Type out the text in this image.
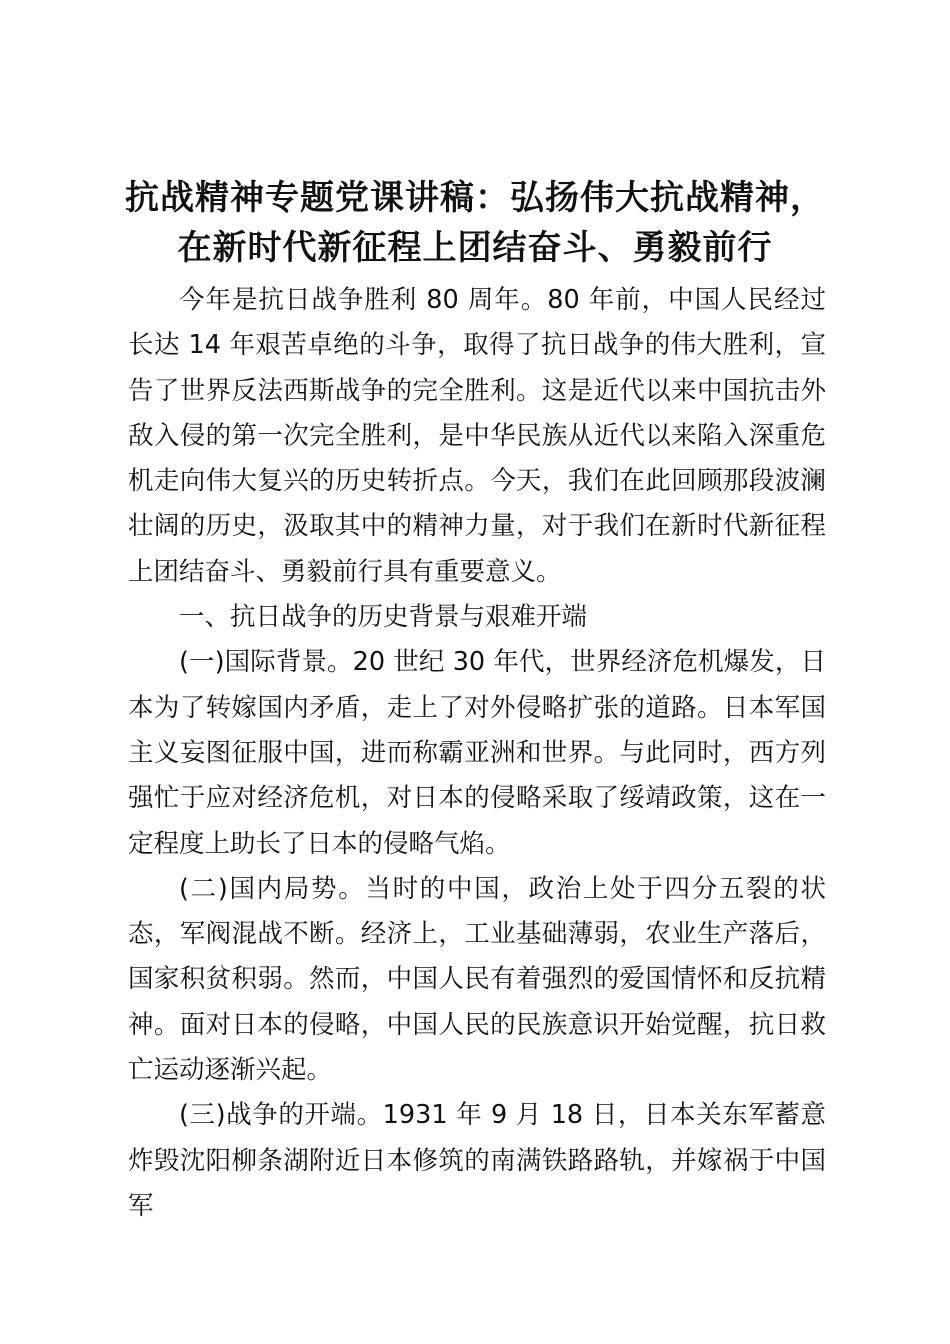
抗战精神专题党课讲稿：弘扬伟大抗战精神，

在新时代新征程上团结奋斗、勇毅前行

今年是抗日战争胜利 80 周年。80 年前，中国人民经过长达 14 年艰苦卓绝的斗争，取得了抗日战争的伟大胜利，宣告了世界反法西斯战争的完全胜利。这是近代以来中国抗击外敌入侵的第一次完全胜利，是中华民族从近代以来陷入深重危机走向伟大复兴的历史转折点。今天，我们在此回顾那段波澜壮阔的历史，汲取其中的精神力量，对于我们在新时代新征程上团结奋斗、勇毅前行具有重要意义。

一、抗日战争的历史背景与艰难开端

(一)国际背景。20 世纪 30 年代，世界经济危机爆发，日本为了转嫁国内矛盾，走上了对外侵略扩张的道路。日本军国主义妄图征服中国，进而称霸亚洲和世界。与此同时，西方列强忙于应对经济危机，对日本的侵略采取了绥靖政策，这在一定程度上助长了日本的侵略气焰。

(二)国内局势。当时的中国，政治上处于四分五裂的状态，军阀混战不断。经济上，工业基础薄弱，农业生产落后，国家积贫积弱。然而，中国人民有着强烈的爱国情怀和反抗精神。面对日本的侵略，中国人民的民族意识开始觉醒，抗日救亡运动逐渐兴起。

(三)战争的开端。1931 年 9 月 18 日，日本关东军蓄意炸毁沈阳柳条湖附近日本修筑的南满铁路路轨，并嫁祸于中国军
